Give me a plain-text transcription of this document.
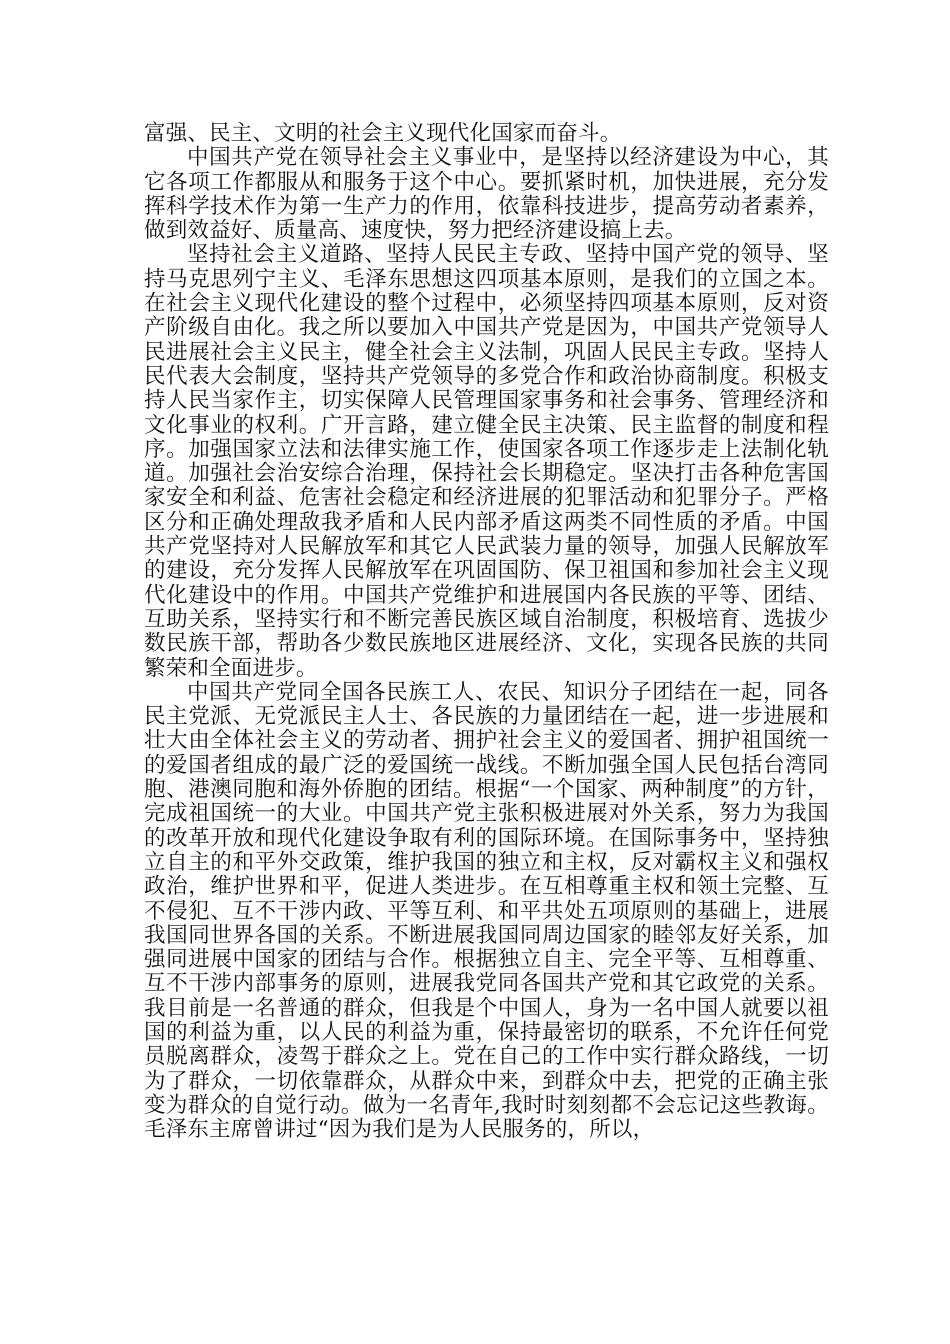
富强、民主、文明的社会主义现代化国家而奋斗。

中国共产党在领导社会主义事业中，是坚持以经济建设为中心，其它各项工作都服从和服务于这个中心。要抓紧时机，加快进展，充分发挥科学技术作为第一生产力的作用，依靠科技进步，提高劳动者素养，做到效益好、质量高、速度快，努力把经济建设搞上去。

坚持社会主义道路、坚持人民民主专政、坚持中国产党的领导、坚持马克思列宁主义、毛泽东思想这四项基本原则，是我们的立国之本。在社会主义现代化建设的整个过程中，必须坚持四项基本原则，反对资产阶级自由化。我之所以要加入中国共产党是因为，中国共产党领导人民进展社会主义民主，健全社会主义法制，巩固人民民主专政。坚持人民代表大会制度，坚持共产党领导的多党合作和政治协商制度。积极支持人民当家作主，切实保障人民管理国家事务和社会事务、管理经济和文化事业的权利。广开言路，建立健全民主决策、民主监督的制度和程序。加强国家立法和法律实施工作，使国家各项工作逐步走上法制化轨道。加强社会治安综合治理，保持社会长期稳定。坚决打击各种危害国家安全和利益、危害社会稳定和经济进展的犯罪活动和犯罪分子。严格区分和正确处理敌我矛盾和人民内部矛盾这两类不同性质的矛盾。中国共产党坚持对人民解放军和其它人民武装力量的领导，加强人民解放军的建设，充分发挥人民解放军在巩固国防、保卫祖国和参加社会主义现代化建设中的作用。中国共产党维护和进展国内各民族的平等、团结、互助关系，坚持实行和不断完善民族区域自治制度，积极培育、选拔少数民族干部，帮助各少数民族地区进展经济、文化，实现各民族的共同繁荣和全面进步。

中国共产党同全国各民族工人、农民、知识分子团结在一起，同各民主党派、无党派民主人士、各民族的力量团结在一起，进一步进展和壮大由全体社会主义的劳动者、拥护社会主义的爱国者、拥护祖国统一的爱国者组成的最广泛的爱国统一战线。不断加强全国人民包括台湾同胞、港澳同胞和海外侨胞的团结。根据“一个国家、两种制度”的方针，完成祖国统一的大业。中国共产党主张积极进展对外关系，努力为我国的改革开放和现代化建设争取有利的国际环境。在国际事务中，坚持独立自主的和平外交政策，维护我国的独立和主权，反对霸权主义和强权政治，维护世界和平，促进人类进步。在互相尊重主权和领土完整、互不侵犯、互不干涉内政、平等互利、和平共处五项原则的基础上，进展我国同世界各国的关系。不断进展我国同周边国家的睦邻友好关系，加强同进展中国家的团结与合作。根据独立自主、完全平等、互相尊重、互不干涉内部事务的原则，进展我党同各国共产党和其它政党的关系。我目前是一名普通的群众，但我是个中国人，身为一名中国人就要以祖国的利益为重，以人民的利益为重，保持最密切的联系，不允许任何党员脱离群众，凌驾于群众之上。党在自己的工作中实行群众路线，一切为了群众，一切依靠群众，从群众中来，到群众中去，把党的正确主张变为群众的自觉行动。做为一名青年,我时时刻刻都不会忘记这些教诲。毛泽东主席曾讲过“因为我们是为人民服务的，所以，
